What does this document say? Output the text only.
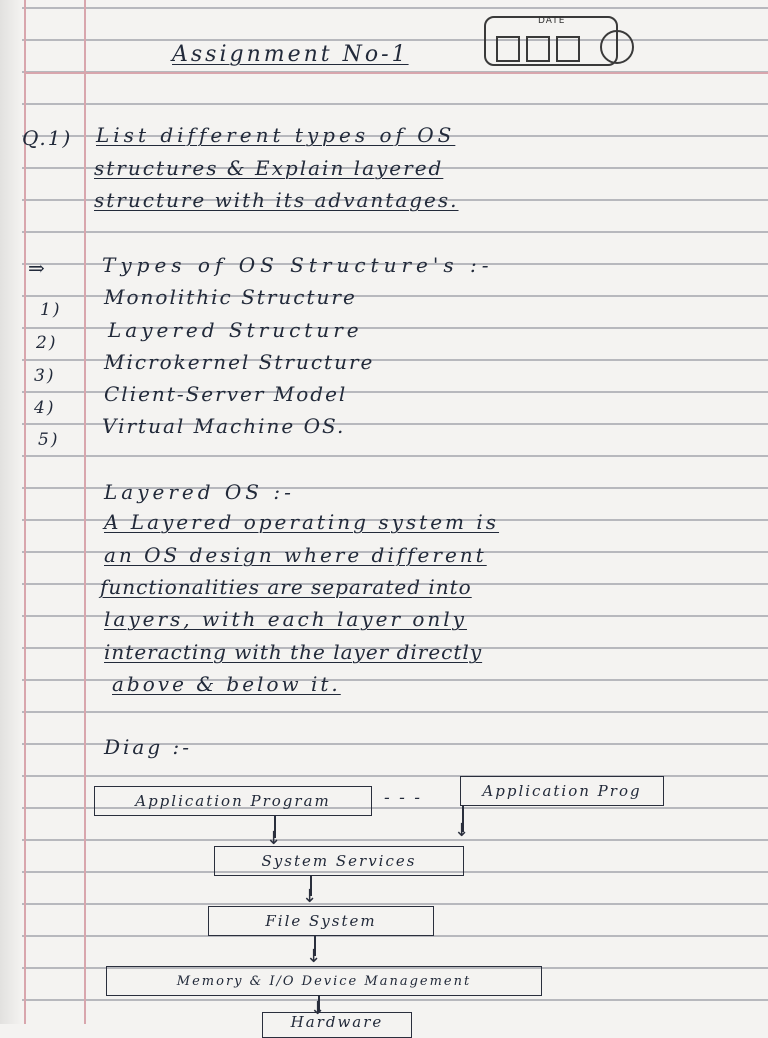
Assignment No-1
DATE
Q.1) List different types of OS
structures & Explain layered
structure with its advantages.
⇒	Types of OS Structure's :-
1)
Monolithic Structure
2)
Layered Structure
3)
Microkernel Structure
4)
Client-Server Model
5)
Virtual Machine OS.
Layered OS :-
A Layered operating system is
an OS design where different
functionalities are separated into
layers, with each layer only
interacting with the layer directly
above & below it.
Diag :-
Application Program	- - -	Application Prog
↓	↓
System Services
↓
File System
↓
Memory & I/O Device Management
↓
Hardware
